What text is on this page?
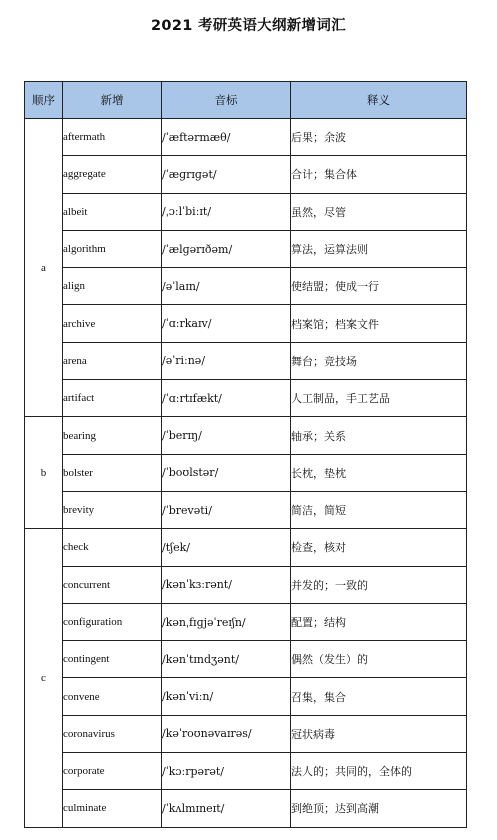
2021 考研英语大纲新增词汇
顺序	新增	音标	释义
a	aftermath	/ˈæftərmæθ/	后果；余波
	aggregate	/ˈæɡrɪɡət/	合计；集合体
	albeit	/ˌɔːlˈbiːɪt/	虽然，尽管
	algorithm	/ˈælɡərɪðəm/	算法，运算法则
	align	/əˈlaɪn/	使结盟；使成一行
	archive	/ˈɑːrkaɪv/	档案馆；档案文件
	arena	/əˈriːnə/	舞台；竞技场
	artifact	/ˈɑːrtɪfækt/	人工制品，手工艺品
b	bearing	/ˈberɪŋ/	轴承；关系
	bolster	/ˈboʊlstər/	长枕，垫枕
	brevity	/ˈbrevəti/	简洁，简短
c	check	/tʃek/	检查，核对
	concurrent	/kənˈkɜːrənt/	并发的；一致的
	configuration	/kənˌfɪɡjəˈreɪʃn/	配置；结构
	contingent	/kənˈtɪndʒənt/	偶然（发生）的
	convene	/kənˈviːn/	召集，集合
	coronavirus	/kəˈroʊnəvaɪrəs/	冠状病毒
	corporate	/ˈkɔːrpərət/	法人的；共同的，全体的
	culminate	/ˈkʌlmɪneɪt/	到绝顶；达到高潮
